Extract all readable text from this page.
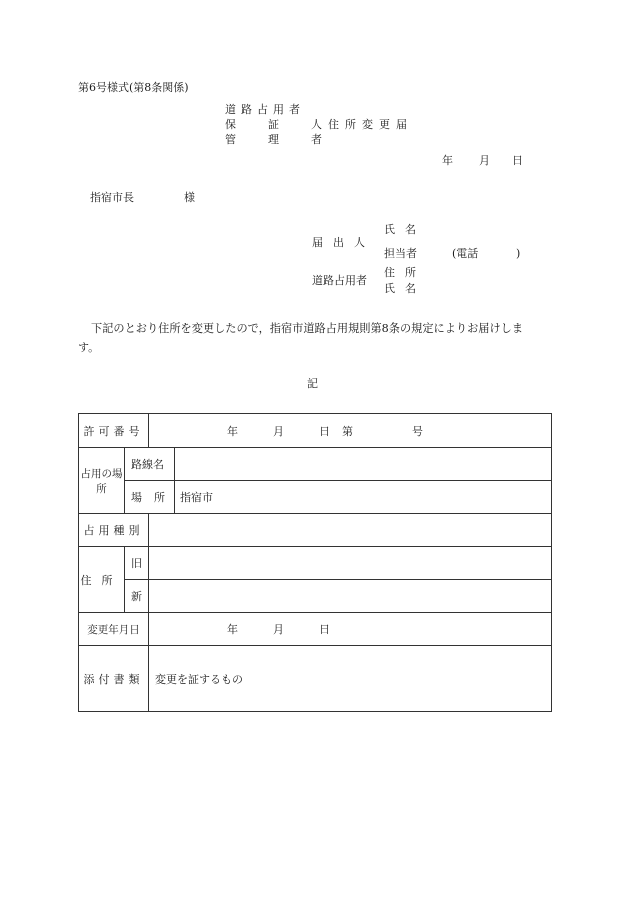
第6号様式(第8条関係)
道路占用者
保証人住所変更届
管理者
年 月 日
指宿市長	様
届出人
氏名
担当者	(電話	)
道路占用者
住所
氏名
下記のとおり住所を変更したので，指宿市道路占用規則第8条の規定によりお届けしま
す。
記
許可番号		年 月 日 第 号

占用の場所	路線名	

	場所 指宿市	

占用種別		
住所	旧	
	新	
変更年月日		年 月 日

添付書類		変更を証するもの
